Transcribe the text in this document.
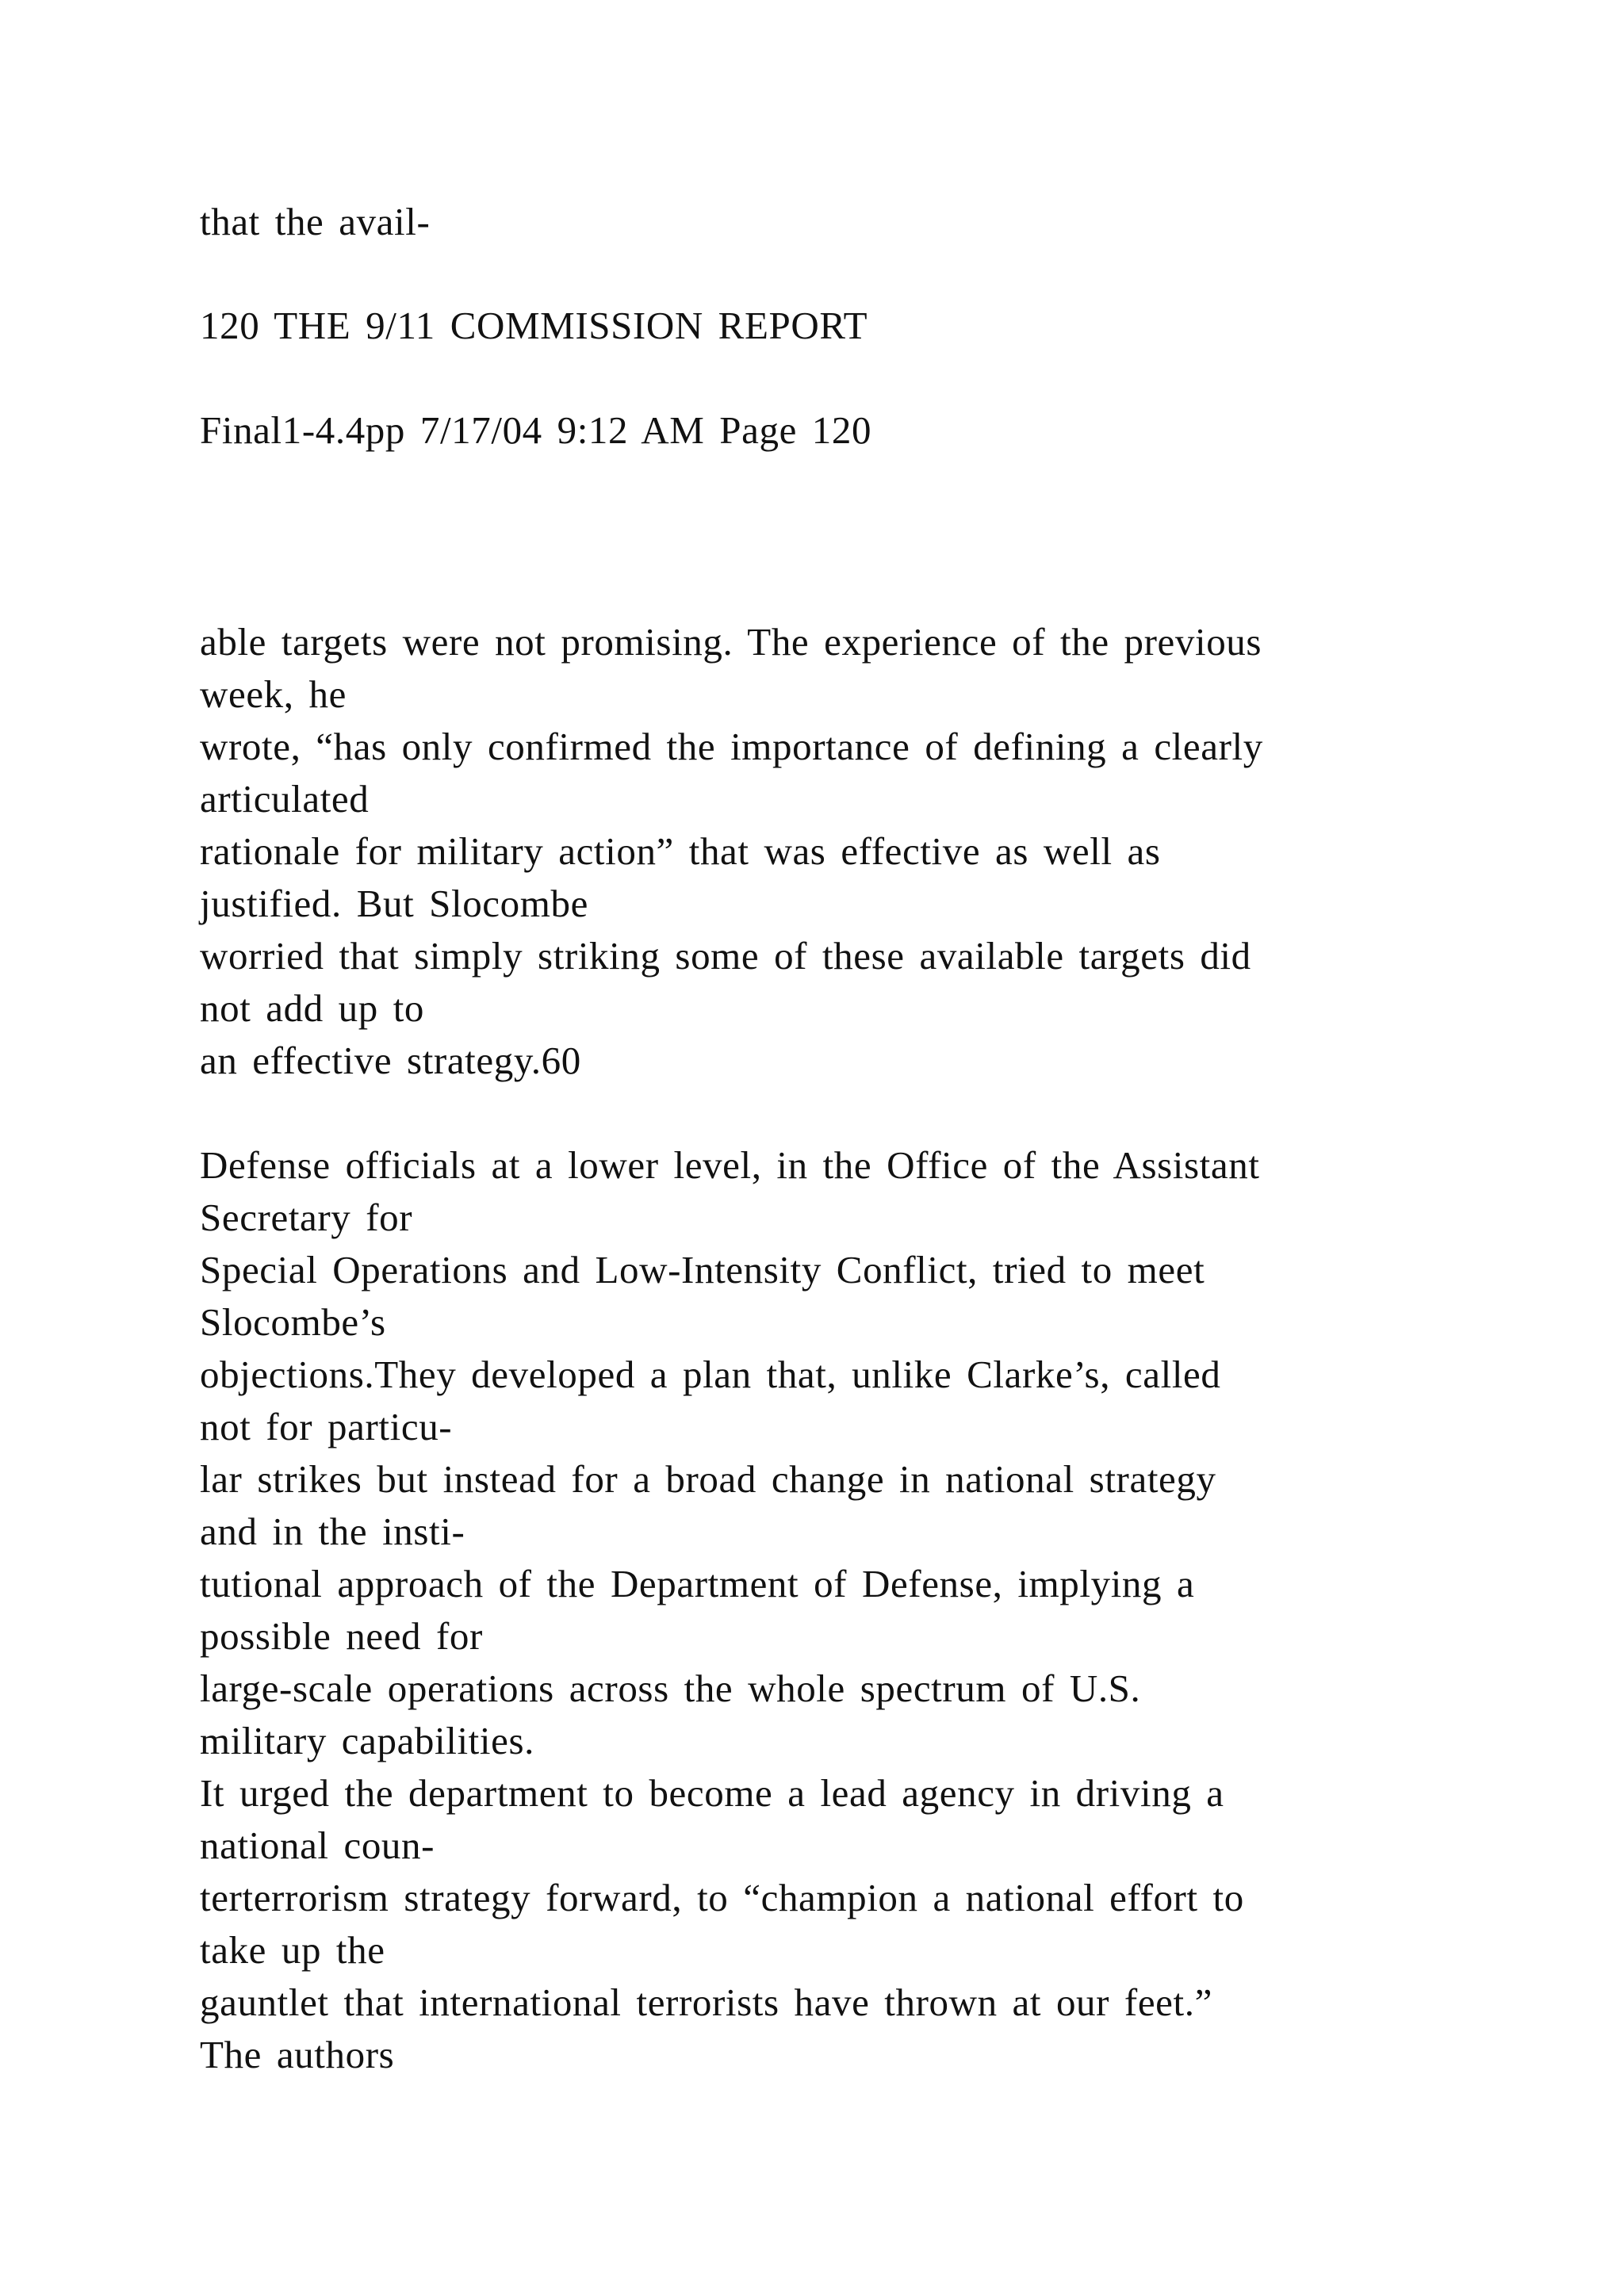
that the avail-

120 THE 9/11 COMMISSION REPORT

Final1-4.4pp 7/17/04 9:12 AM Page 120

able targets were not promising. The experience of the previous

week, he

wrote, “has only confirmed the importance of defining a clearly

articulated

rationale for military action” that was effective as well as

justified. But Slocombe

worried that simply striking some of these available targets did

not add up to

an effective strategy.60

Defense officials at a lower level, in the Office of the Assistant

Secretary for

Special Operations and Low-Intensity Conflict, tried to meet

Slocombe’s

objections.They developed a plan that, unlike Clarke’s, called

not for particu-

lar strikes but instead for a broad change in national strategy

and in the insti-

tutional approach of the Department of Defense, implying a

possible need for

large-scale operations across the whole spectrum of U.S.

military capabilities.

It urged the department to become a lead agency in driving a

national coun-

terterrorism strategy forward, to “champion a national effort to

take up the

gauntlet that international terrorists have thrown at our feet.”

The authors
